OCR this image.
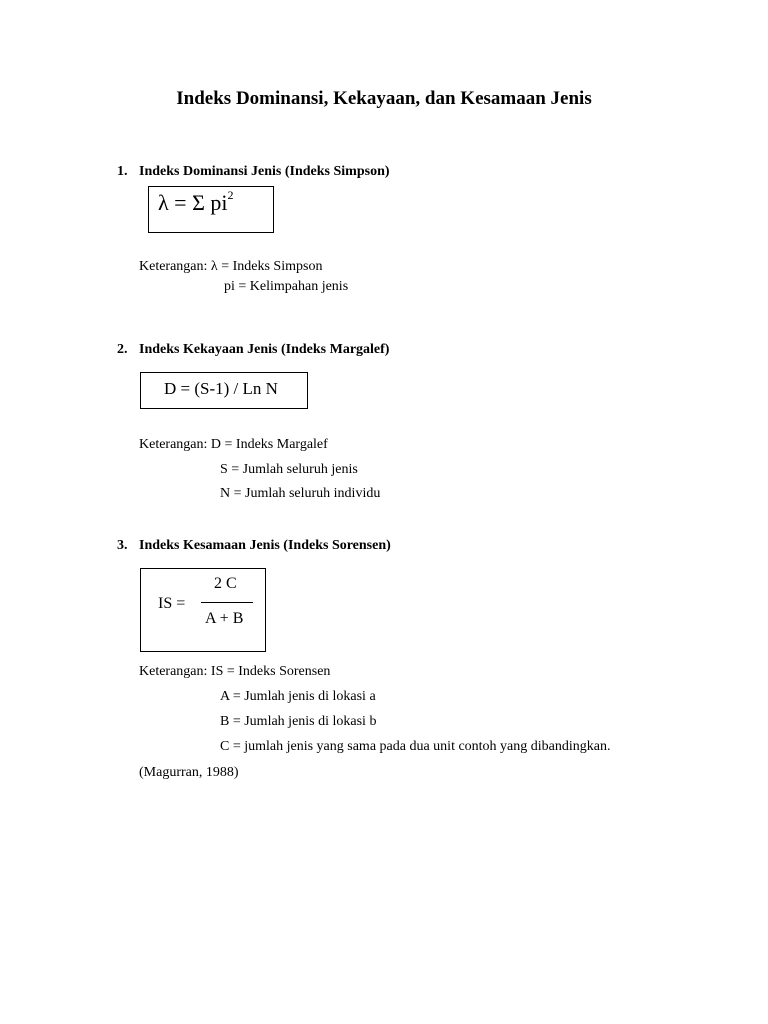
Indeks Dominansi, Kekayaan, dan Kesamaan Jenis
1. Indeks Dominansi Jenis (Indeks Simpson)
λ = Σ $pi^2$
Keterangan: λ = Indeks Simpson
pi = Kelimpahan jenis
2. Indeks Kekayaan Jenis (Indeks Margalef)
D = (S-1) / Ln N
Keterangan: D = Indeks Margalef
S = Jumlah seluruh jenis
N = Jumlah seluruh individu
3. Indeks Kesamaan Jenis (Indeks Sorensen)
IS =
2 C
A + B
Keterangan: IS = Indeks Sorensen
A = Jumlah jenis di lokasi a
B = Jumlah jenis di lokasi b
C = jumlah jenis yang sama pada dua unit contoh yang dibandingkan.
(Magurran, 1988)
